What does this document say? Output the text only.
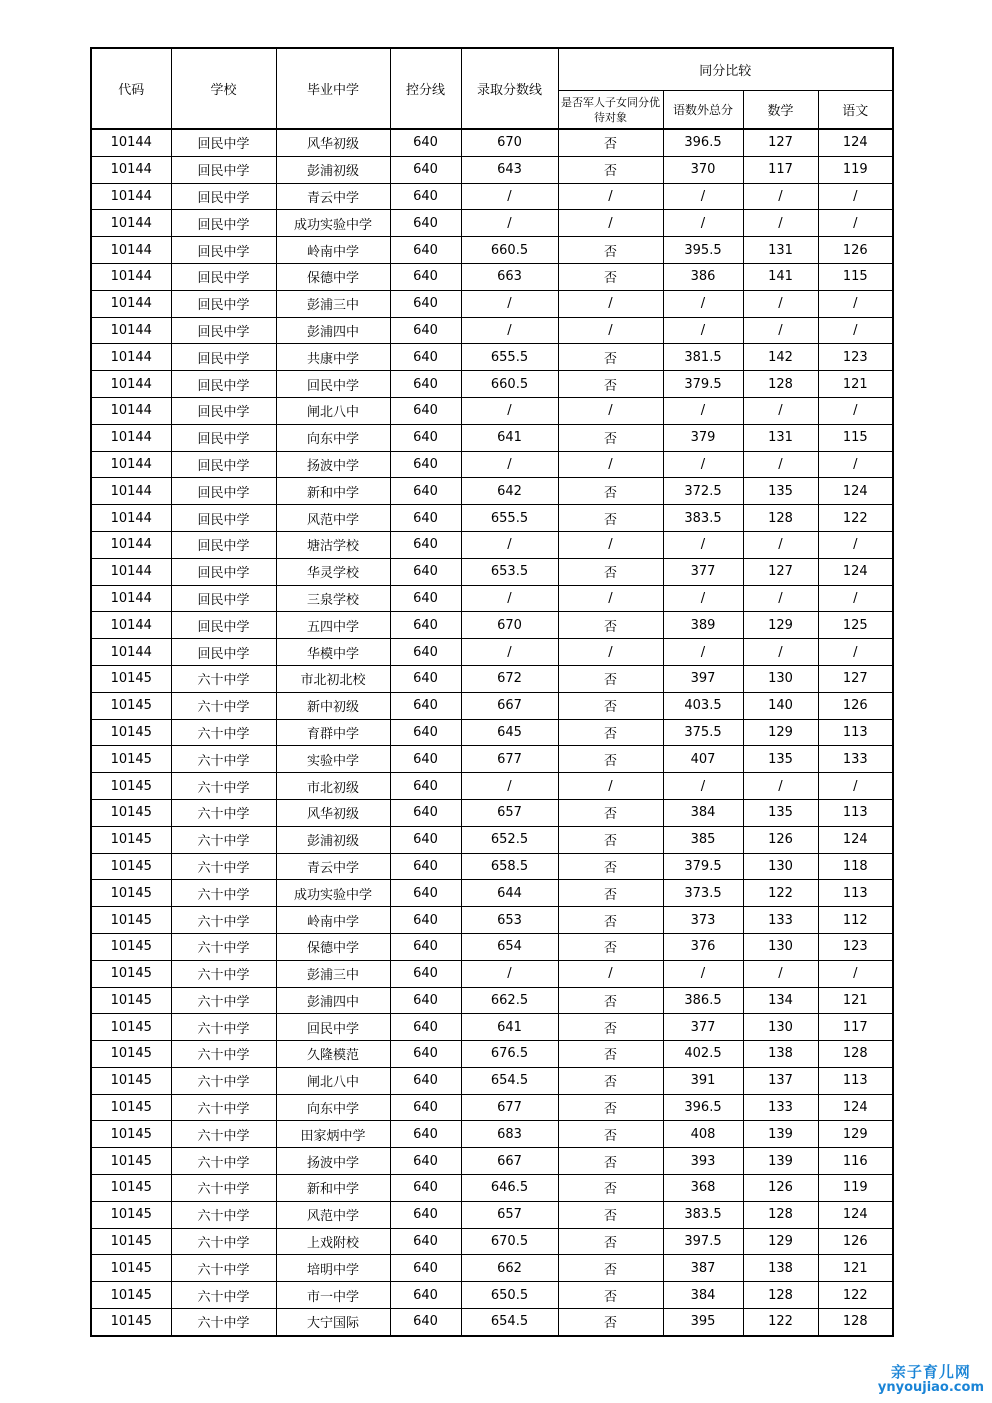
代码	学校	毕业中学	控分线	录取分数线	同分比较			
					是否军人子女同分优待对象	语数外总分	数学	语文
10144	回民中学	风华初级	640	670	否	396.5	127	124
10144	回民中学	彭浦初级	640	643	否	370	117	119
10144	回民中学	青云中学	640	/	/	/	/	/
10144	回民中学	成功实验中学	640	/	/	/	/	/
10144	回民中学	岭南中学	640	660.5	否	395.5	131	126
10144	回民中学	保德中学	640	663	否	386	141	115
10144	回民中学	彭浦三中	640	/	/	/	/	/
10144	回民中学	彭浦四中	640	/	/	/	/	/
10144	回民中学	共康中学	640	655.5	否	381.5	142	123
10144	回民中学	回民中学	640	660.5	否	379.5	128	121
10144	回民中学	闸北八中	640	/	/	/	/	/
10144	回民中学	向东中学	640	641	否	379	131	115
10144	回民中学	扬波中学	640	/	/	/	/	/
10144	回民中学	新和中学	640	642	否	372.5	135	124
10144	回民中学	风范中学	640	655.5	否	383.5	128	122
10144	回民中学	塘沽学校	640	/	/	/	/	/
10144	回民中学	华灵学校	640	653.5	否	377	127	124
10144	回民中学	三泉学校	640	/	/	/	/	/
10144	回民中学	五四中学	640	670	否	389	129	125
10144	回民中学	华模中学	640	/	/	/	/	/
10145	六十中学	市北初北校	640	672	否	397	130	127
10145	六十中学	新中初级	640	667	否	403.5	140	126
10145	六十中学	育群中学	640	645	否	375.5	129	113
10145	六十中学	实验中学	640	677	否	407	135	133
10145	六十中学	市北初级	640	/	/	/	/	/
10145	六十中学	风华初级	640	657	否	384	135	113
10145	六十中学	彭浦初级	640	652.5	否	385	126	124
10145	六十中学	青云中学	640	658.5	否	379.5	130	118
10145	六十中学	成功实验中学	640	644	否	373.5	122	113
10145	六十中学	岭南中学	640	653	否	373	133	112
10145	六十中学	保德中学	640	654	否	376	130	123
10145	六十中学	彭浦三中	640	/	/	/	/	/
10145	六十中学	彭浦四中	640	662.5	否	386.5	134	121
10145	六十中学	回民中学	640	641	否	377	130	117
10145	六十中学	久隆模范	640	676.5	否	402.5	138	128
10145	六十中学	闸北八中	640	654.5	否	391	137	113
10145	六十中学	向东中学	640	677	否	396.5	133	124
10145	六十中学	田家炳中学	640	683	否	408	139	129
10145	六十中学	扬波中学	640	667	否	393	139	116
10145	六十中学	新和中学	640	646.5	否	368	126	119
10145	六十中学	风范中学	640	657	否	383.5	128	124
10145	六十中学	上戏附校	640	670.5	否	397.5	129	126
10145	六十中学	培明中学	640	662	否	387	138	121
10145	六十中学	市一中学	640	650.5	否	384	128	122
10145	六十中学	大宁国际	640	654.5	否	395	122	128
亲子育儿网
ynyoujiao.com
